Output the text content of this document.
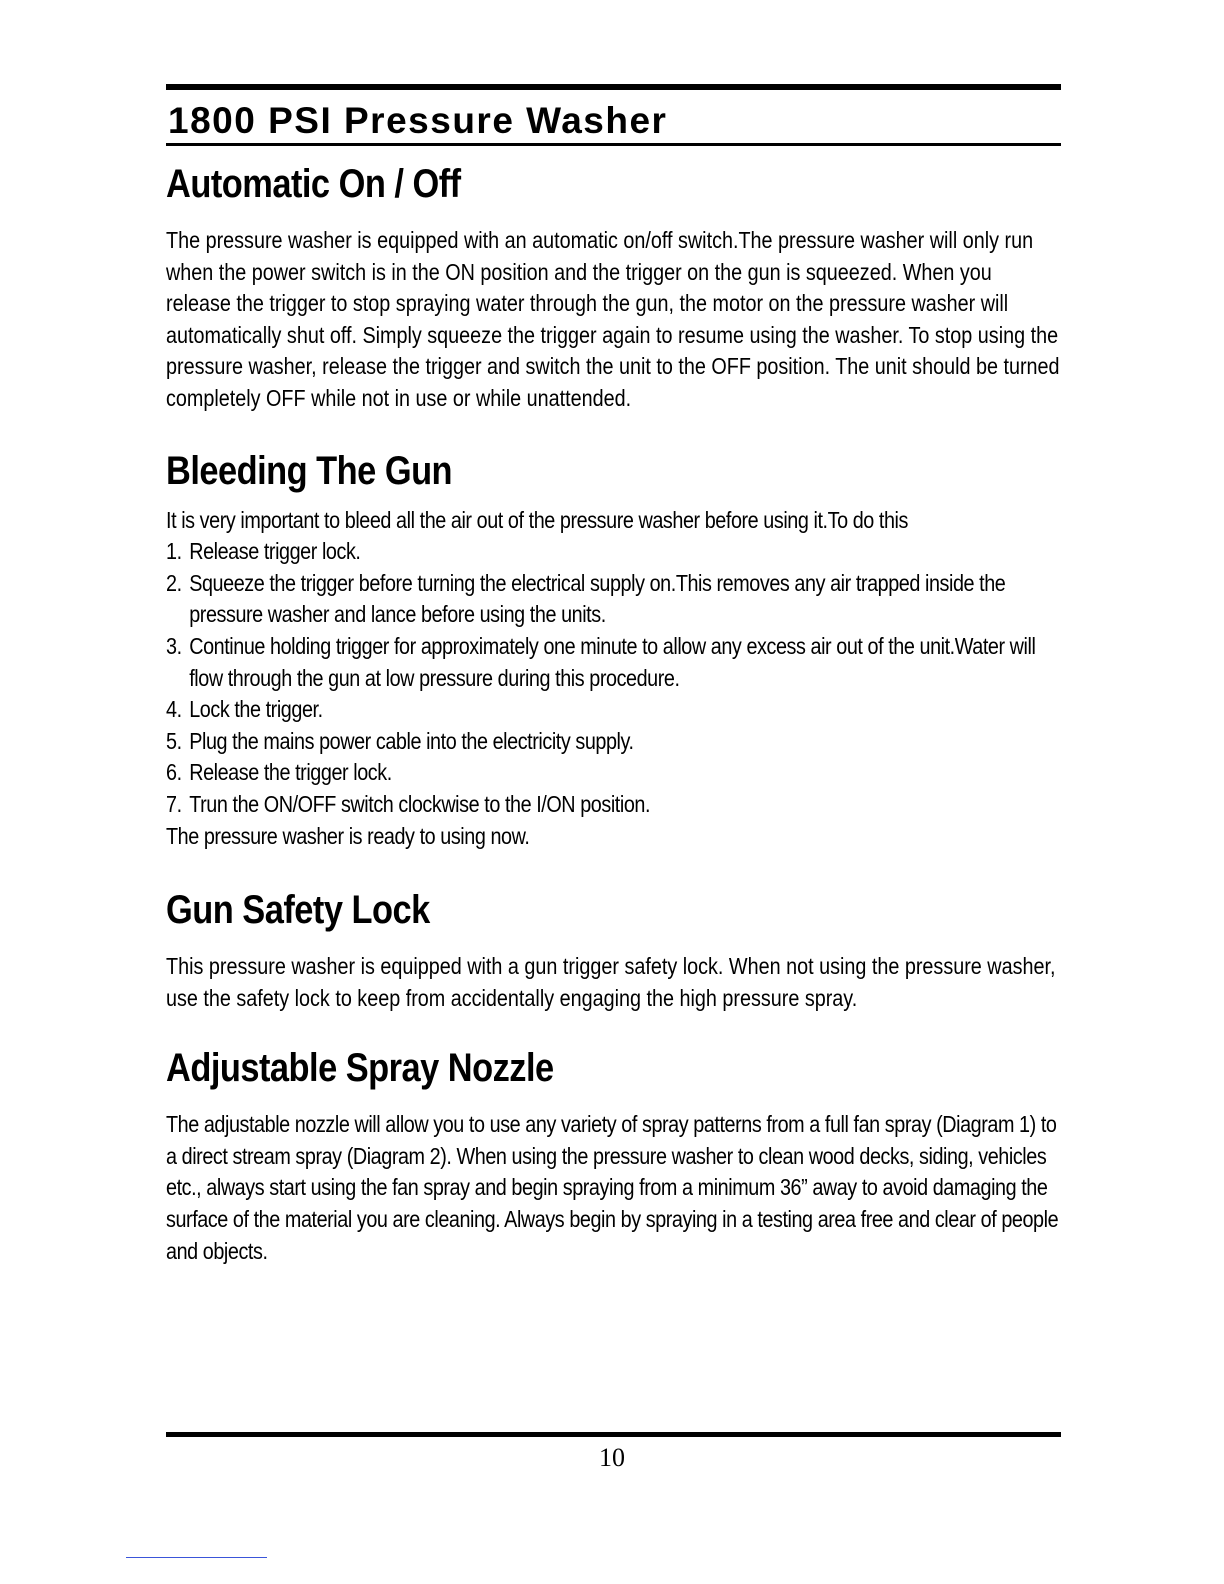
1800 PSI Pressure Washer
Automatic On / Off

The pressure washer is equipped with an automatic on/off switch.The pressure washer will only run when the power switch is in the ON position and the trigger on the gun is squeezed. When you release the trigger to stop spraying water through the gun, the motor on the pressure washer will automatically shut off. Simply squeeze the trigger again to resume using the washer. To stop using the pressure washer, release the trigger and switch the unit to the OFF position. The unit should be turned completely OFF while not in use or while unattended.

Bleeding The Gun

It is very important to bleed all the air out of the pressure washer before using it.To do this

1. Release trigger lock.
2. Squeeze the trigger before turning the electrical supply on.This removes any air trapped inside the pressure washer and lance before using the units.
3. Continue holding trigger for approximately one minute to allow any excess air out of the unit.Water will flow through the gun at low pressure during this procedure.
4. Lock the trigger.
5. Plug the mains power cable into the electricity supply.
6. Release the trigger lock.
7. Trun the ON/OFF switch clockwise to the I/ON position.

The pressure washer is ready to using now.

Gun Safety Lock

This pressure washer is equipped with a gun trigger safety lock. When not using the pressure washer, use the safety lock to keep from accidentally engaging the high pressure spray.

Adjustable Spray Nozzle

The adjustable nozzle will allow you to use any variety of spray patterns from a full fan spray (Diagram 1) to a direct stream spray (Diagram 2). When using the pressure washer to clean wood decks, siding, vehicles etc., always start using the fan spray and begin spraying from a minimum 36” away to avoid damaging the surface of the material you are cleaning. Always begin by spraying in a testing area free and clear of people and objects.

10
